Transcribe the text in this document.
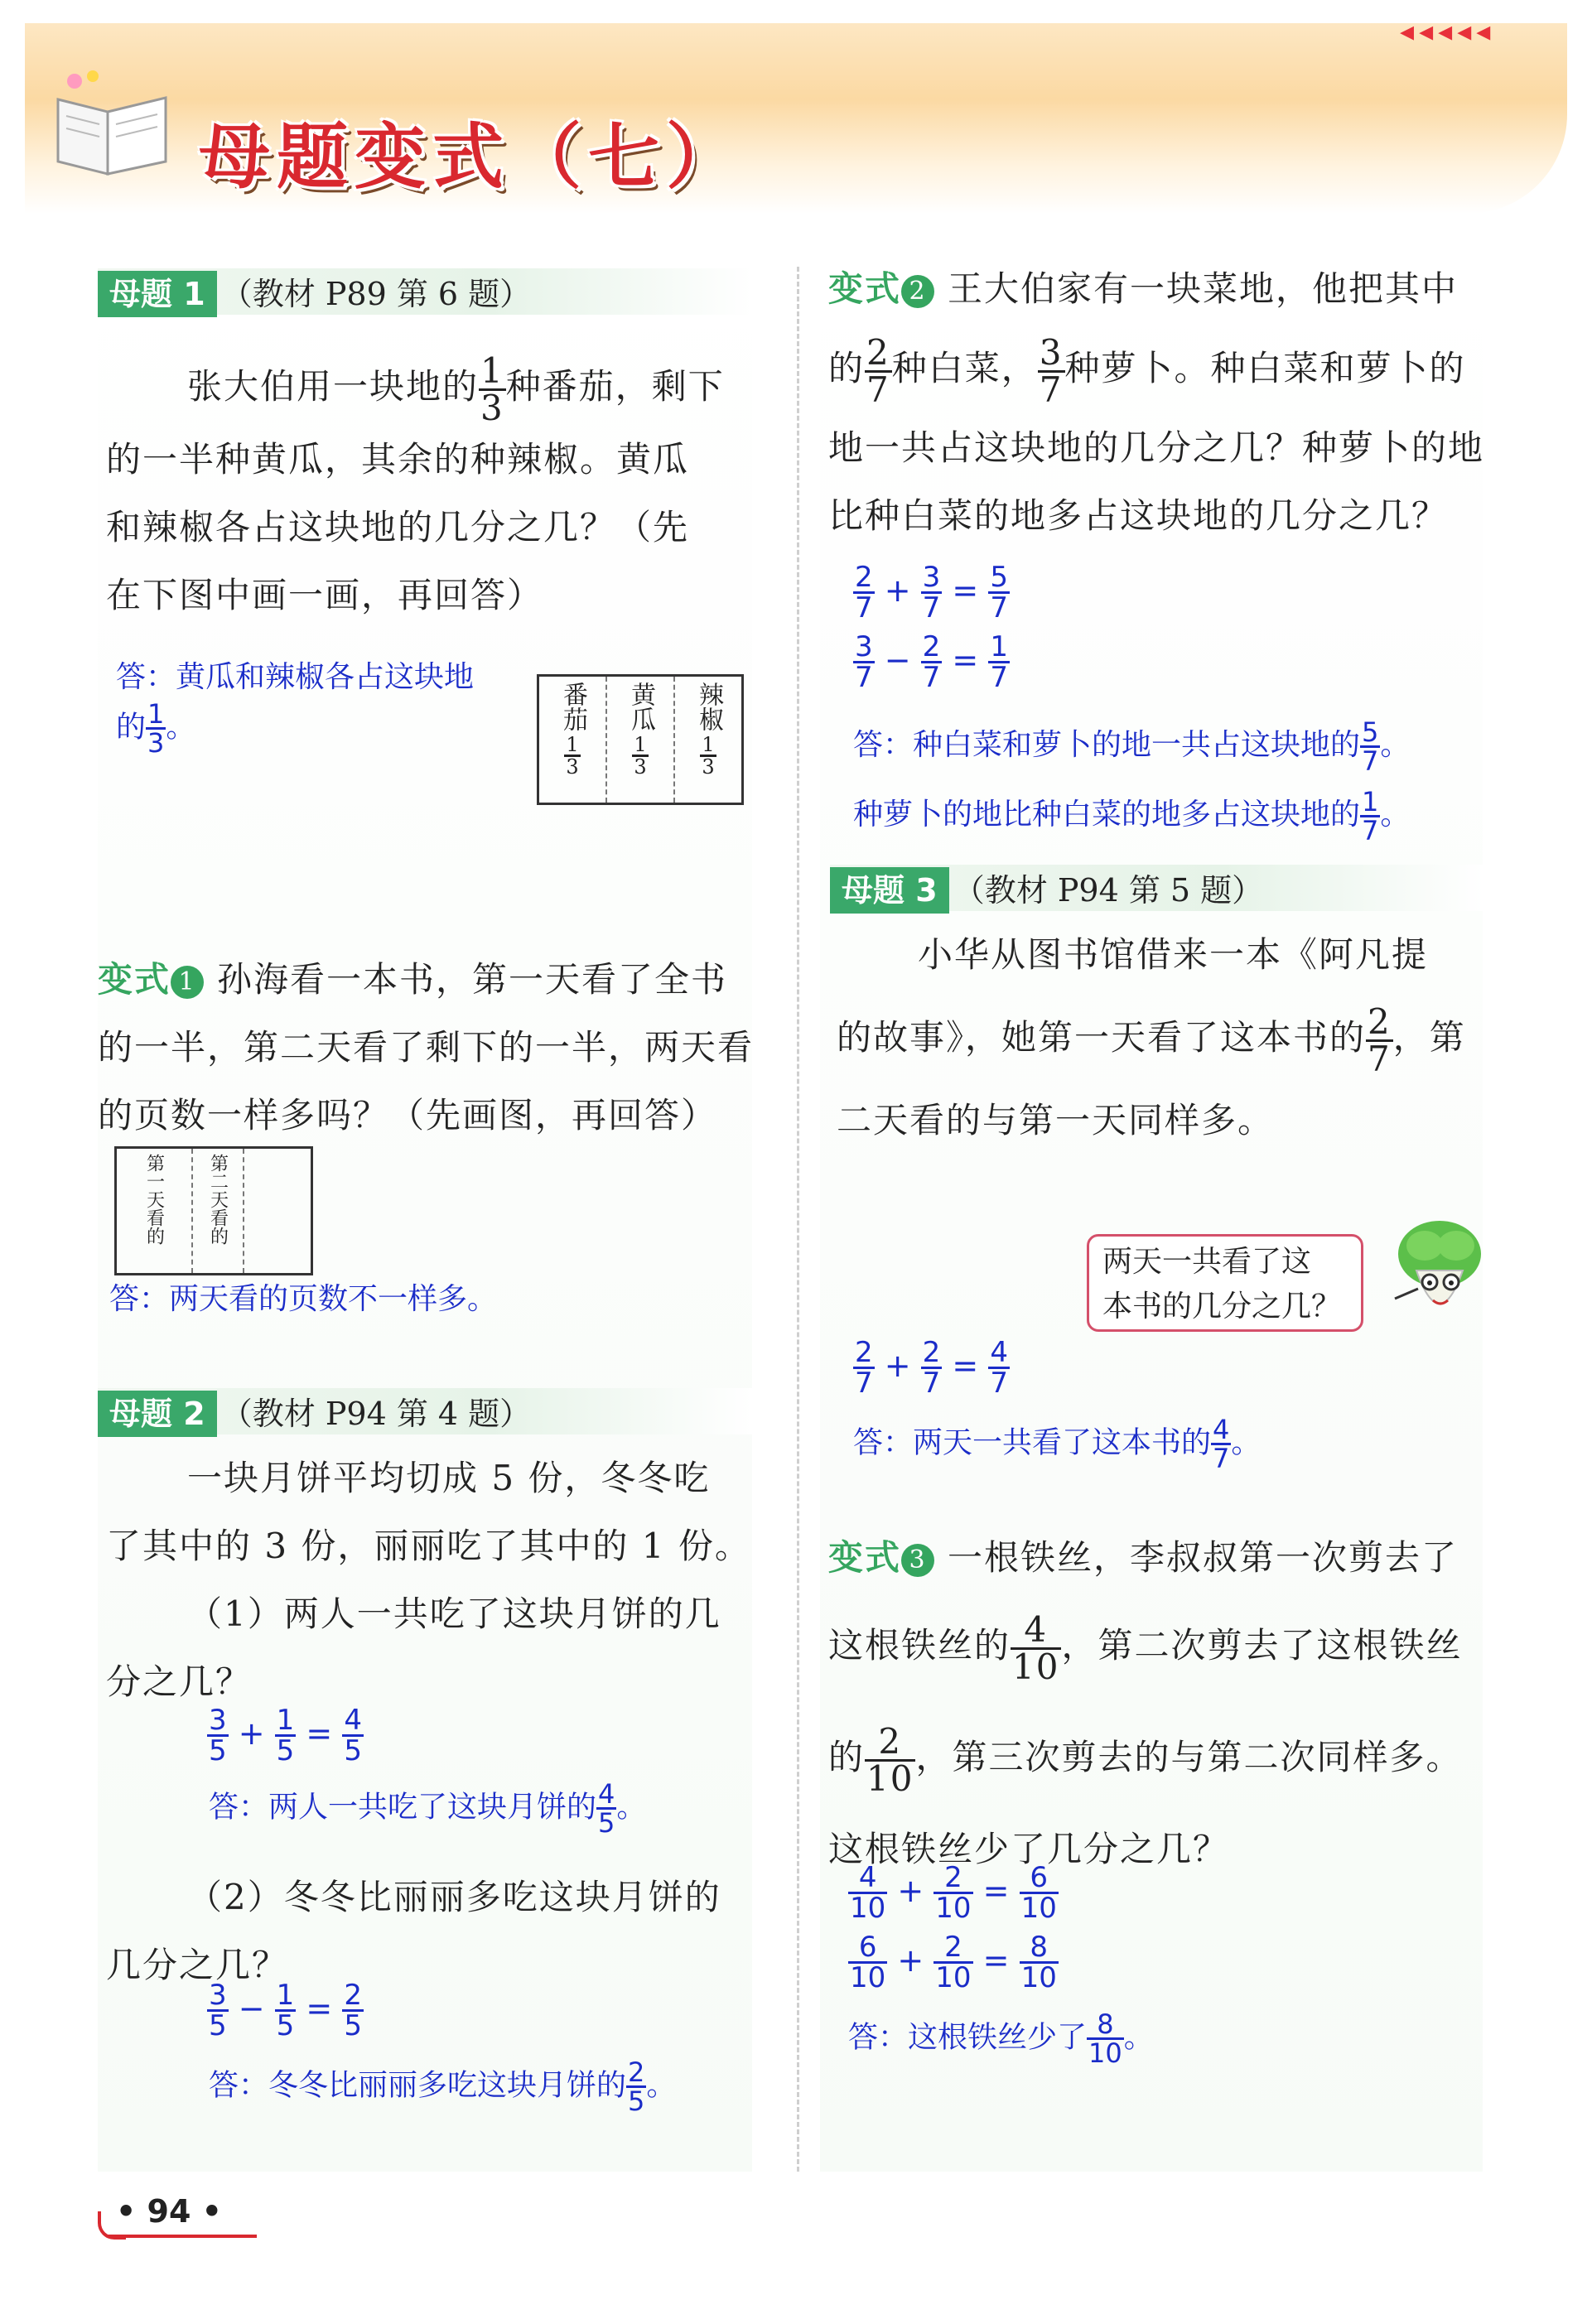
◂◂◂◂◂
母题变式（七）
母题 1 （教材 P89 第 6 题）
张大伯用一块地的 $\frac{1}{3}$ 种番茄，剩下
的一半种黄瓜，其余的种辣椒。黄瓜
和辣椒各占这块地的几分之几？（先
在下图中画一画，再回答）
答：黄瓜和辣椒各占这块地
的 $\frac{1}{3}$ 。	番茄
$\frac{1}{3}$
黄瓜
$\frac{1}{3}$
辣椒
$\frac{1}{3}$
变式 1 孙海看一本书，第一天看了全书
的一半，第二天看了剩下的一半，两天看
的页数一样多吗？（先画图，再回答）
第一天看的 第二天看的
答：两天看的页数不一样多。
母题 2 （教材 P94 第 4 题）
一块月饼平均切成 5 份，冬冬吃
了其中的 3 份，丽丽吃了其中的 1 份。
（1）两人一共吃了这块月饼的几
分之几？
$\frac{3}{5} + \frac{1}{5} = \frac{4}{5}$
答：两人一共吃了这块月饼的 $\frac{4}{5}$ 。
（2）冬冬比丽丽多吃这块月饼的
几分之几？
$\frac{3}{5} - \frac{1}{5} = \frac{2}{5}$
答：冬冬比丽丽多吃这块月饼的 $\frac{2}{5}$ 。
变式 2 王大伯家有一块菜地，他把其中
的 $\frac{2}{7}$ 种白菜， $\frac{3}{7}$ 种萝卜。种白菜和萝卜的
地一共占这块地的几分之几？种萝卜的地
比种白菜的地多占这块地的几分之几？
$\frac{2}{7} + \frac{3}{7} = \frac{5}{7}$
$\frac{3}{7} - \frac{2}{7} = \frac{1}{7}$
答：种白菜和萝卜的地一共占这块地的 $\frac{5}{7}$ 。
种萝卜的地比种白菜的地多占这块地的 $\frac{1}{7}$ 。
母题 3 （教材 P94 第 5 题）
小华从图书馆借来一本《阿凡提
的故事》，她第一天看了这本书的 $\frac{2}{7}$ ，第
二天看的与第一天同样多。
两天一共看了这
本书的几分之几？
$\frac{2}{7} + \frac{2}{7} = \frac{4}{7}$
答：两天一共看了这本书的 $\frac{4}{7}$ 。
变式 3 一根铁丝，李叔叔第一次剪去了
这根铁丝的 $\frac{4}{10}$ ，第二次剪去了这根铁丝
的 $\frac{2}{10}$ ，第三次剪去的与第二次同样多。
这根铁丝少了几分之几？
$\frac{4}{10} + \frac{2}{10} = \frac{6}{10}$
$\frac{6}{10} + \frac{2}{10} = \frac{8}{10}$
答：这根铁丝少了 $\frac{8}{10}$ 。
• 94 •
